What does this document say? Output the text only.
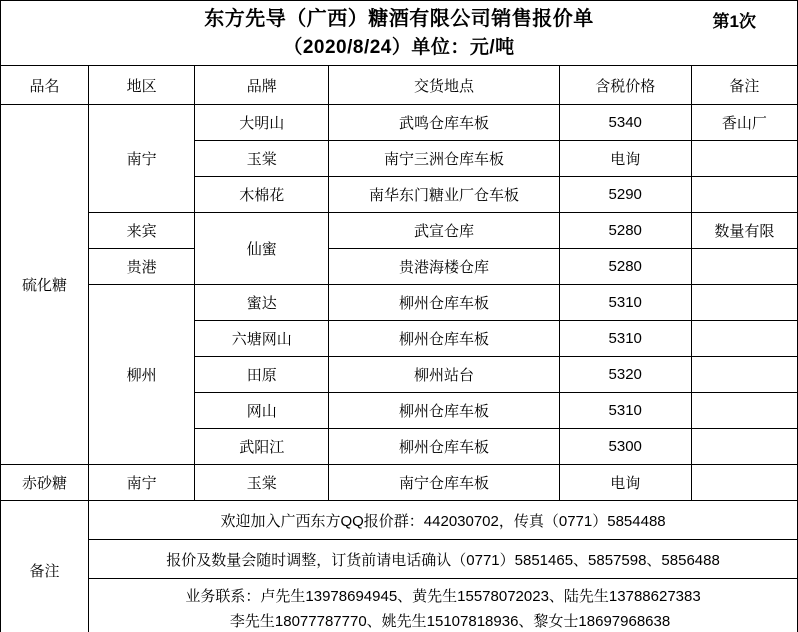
东方先导（广西）糖酒有限公司销售报价单
（2020/8/24）单位：元/吨
第1次					

品名	地区	品牌	交货地点	含税价格	备注
硫化糖	南宁	大明山	武鸣仓库车板	5340	香山厂
		玉棠	南宁三洲仓库车板	电询	
		木棉花	南华东门糖业厂仓车板	5290	
	来宾	仙蜜	武宣仓库	5280	数量有限
	贵港		贵港海楼仓库	5280	
	柳州	蜜达	柳州仓库车板	5310	
		六塘网山	柳州仓库车板	5310	
		田原	柳州站台	5320	
		网山	柳州仓库车板	5310	
		武阳江	柳州仓库车板	5300	
赤砂糖	南宁	玉棠	南宁仓库车板	电询	
备注	欢迎加入广西东方QQ报价群：442030702，传真（0771）5854488				
	报价及数量会随时调整，订货前请电话确认（0771）5851465、5857598、5856488				
	业务联系：卢先生13978694945、黄先生15578072023、陆先生13788627383
李先生18077787770、姚先生15107818936、黎女士18697968638				
